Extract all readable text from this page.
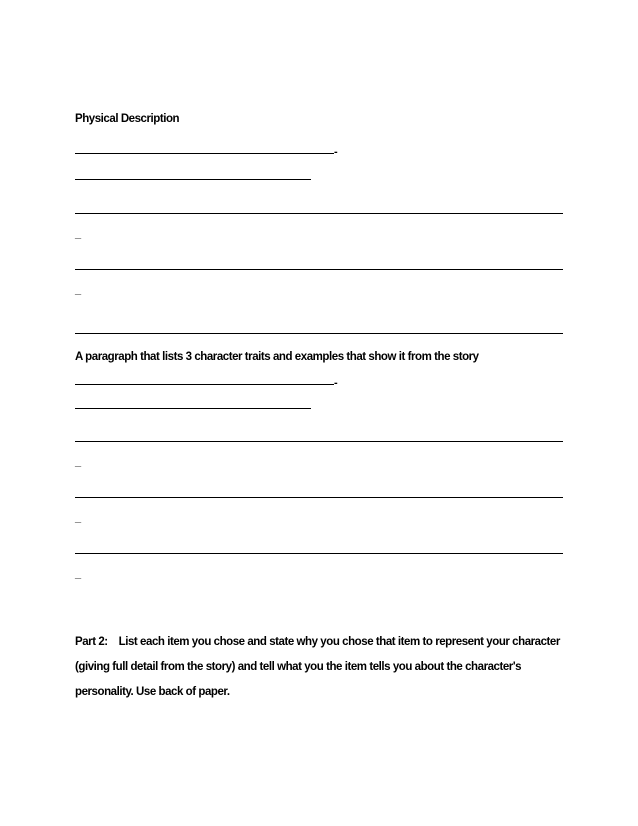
Physical Description
-
_
_
A paragraph that lists 3 character traits and examples that show it from the story
-
_
_
_
Part 2: List each item you chose and state why you chose that item to represent your character (giving full detail from the story) and tell what you the item tells you about the character's personality. Use back of paper.
